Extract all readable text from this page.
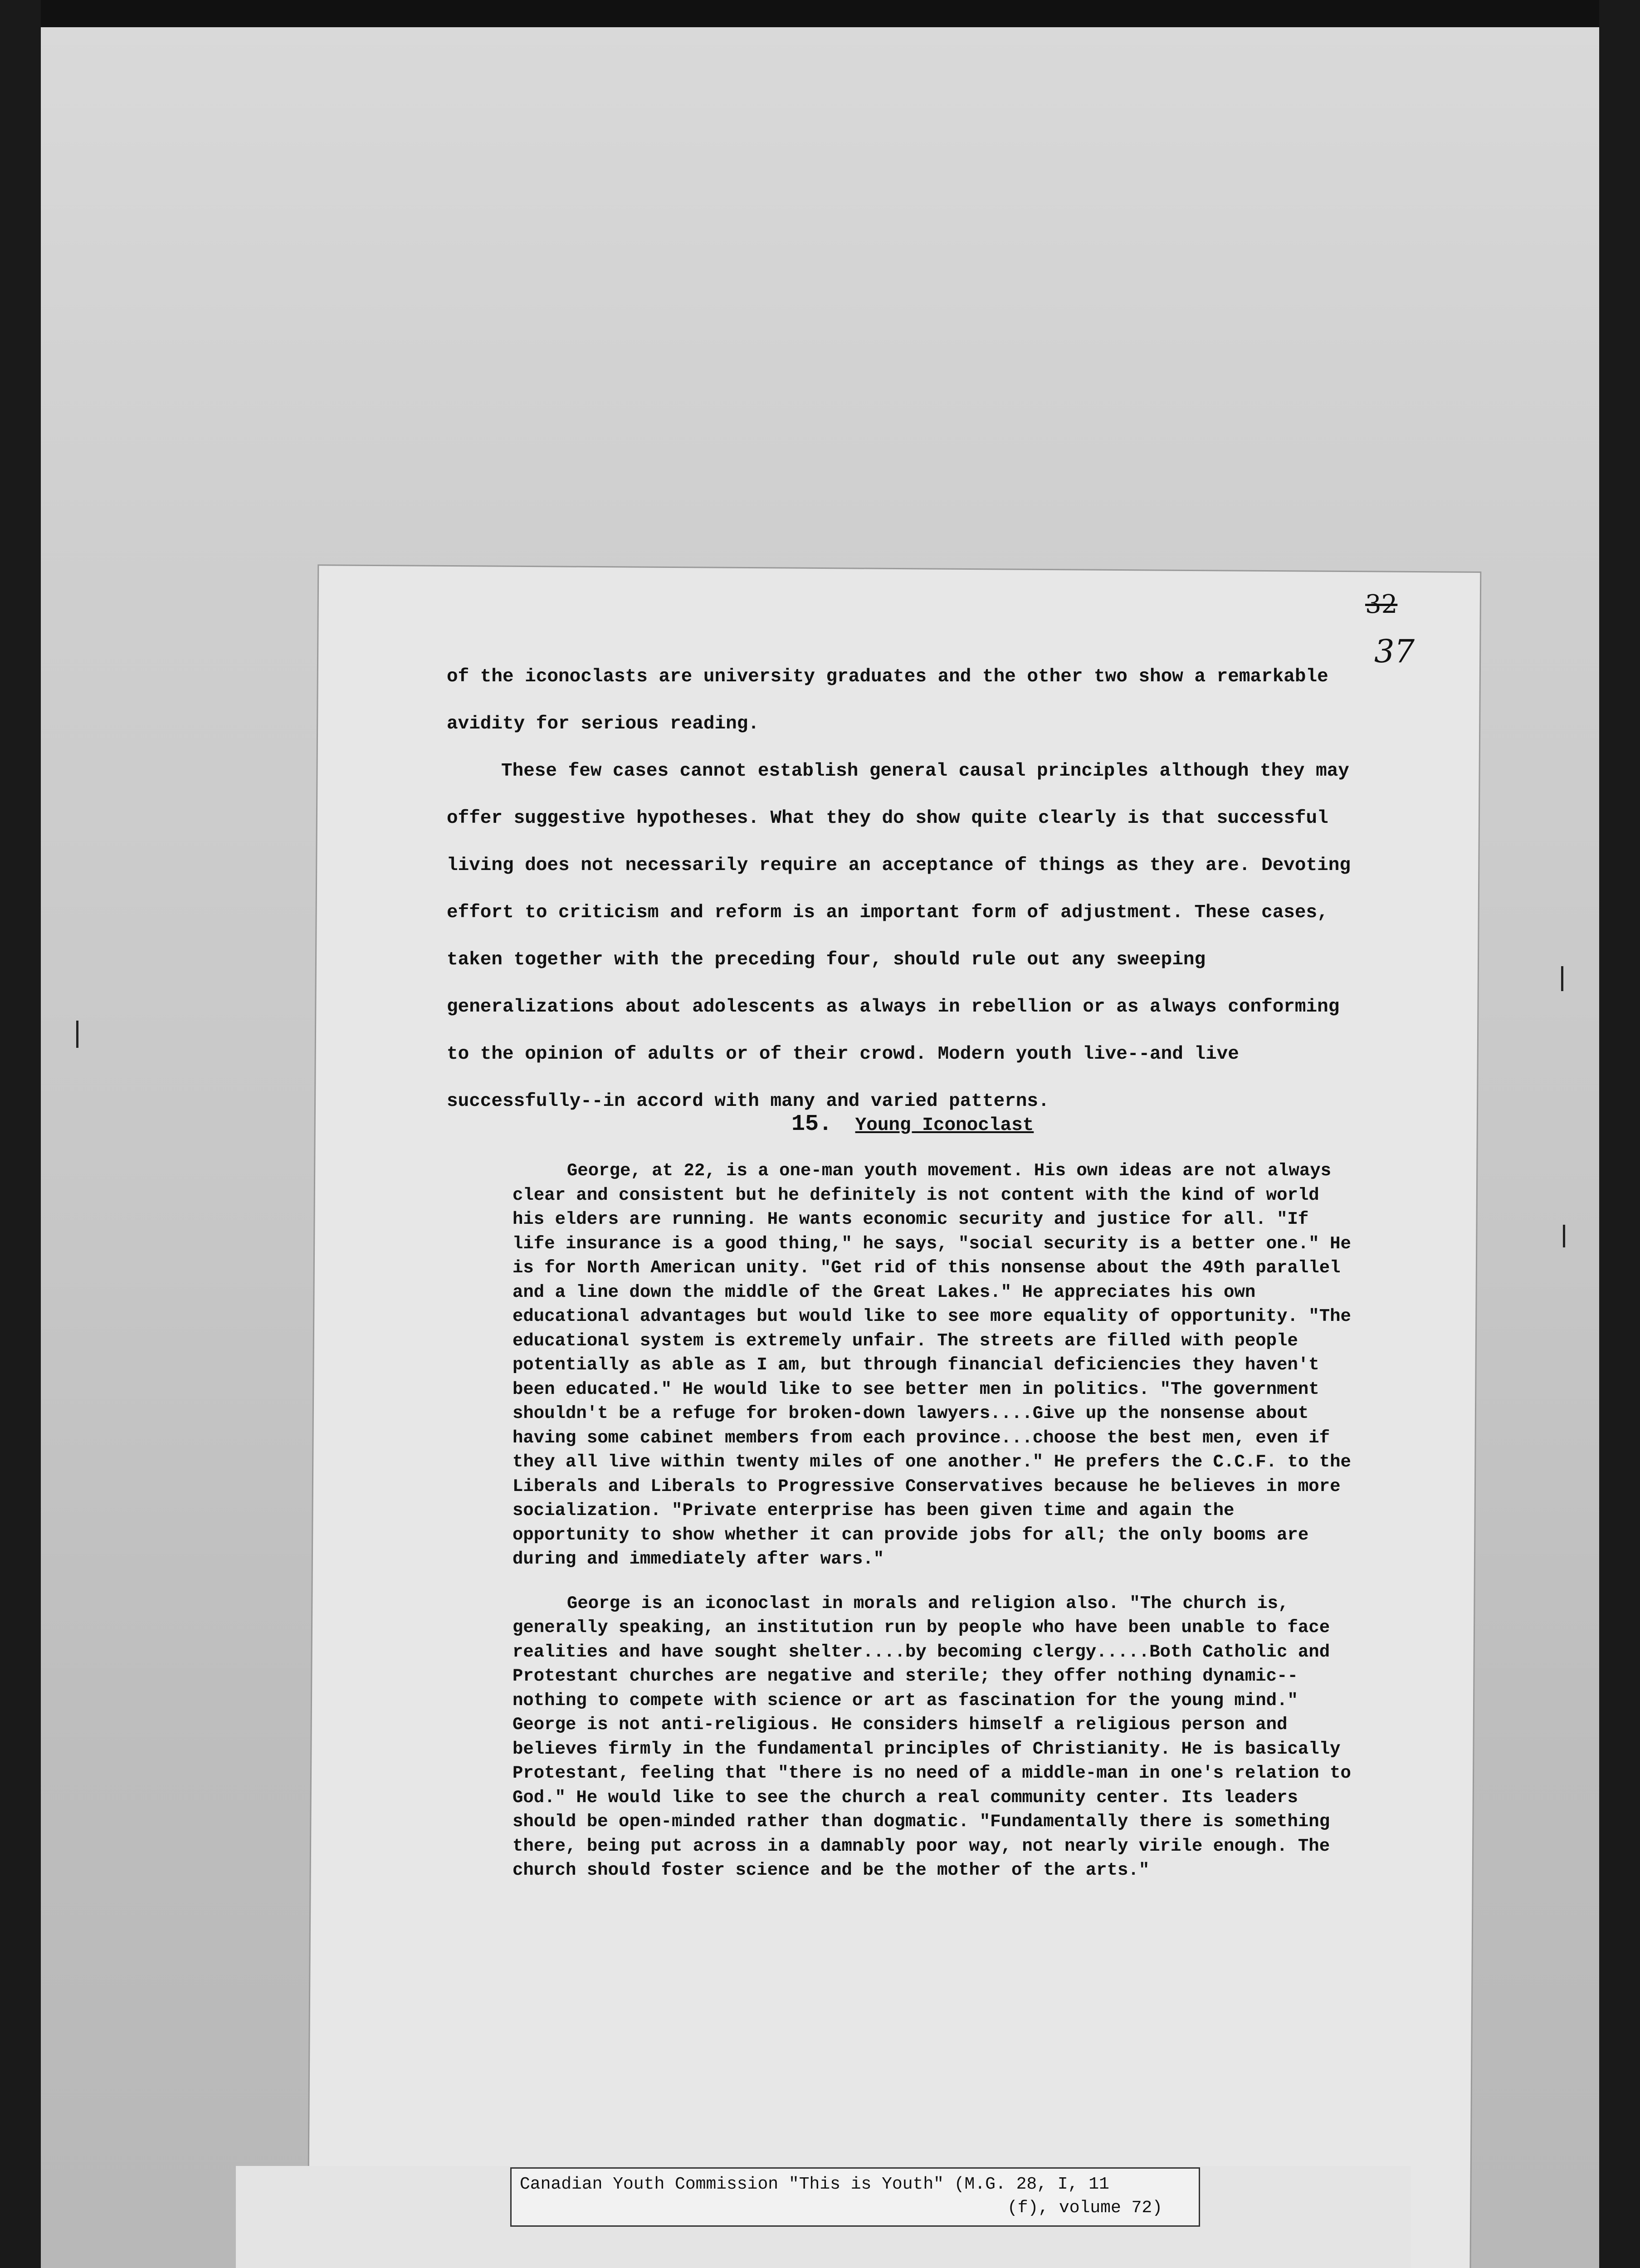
32
37

of the iconoclasts are university graduates and the other two show a remarkable avidity for serious reading.

These few cases cannot establish general causal principles although they may offer suggestive hypotheses. What they do show quite clearly is that successful living does not necessarily require an acceptance of things as they are. Devoting effort to criticism and reform is an important form of adjustment. These cases, taken together with the preceding four, should rule out any sweeping generalizations about adolescents as always in rebellion or as always conforming to the opinion of adults or of their crowd. Modern youth live--and live successfully--in accord with many and varied patterns.

15. Young Iconoclast

George, at 22, is a one-man youth movement. His own ideas are not always clear and consistent but he definitely is not content with the kind of world his elders are running. He wants economic security and justice for all. "If life insurance is a good thing," he says, "social security is a better one." He is for North American unity. "Get rid of this nonsense about the 49th parallel and a line down the middle of the Great Lakes." He appreciates his own educational advantages but would like to see more equality of opportunity. "The educational system is extremely unfair. The streets are filled with people potentially as able as I am, but through financial deficiencies they haven't been educated." He would like to see better men in politics. "The government shouldn't be a refuge for broken-down lawyers....Give up the nonsense about having some cabinet members from each province...choose the best men, even if they all live within twenty miles of one another." He prefers the C.C.F. to the Liberals and Liberals to Progressive Conservatives because he believes in more socialization. "Private enterprise has been given time and again the opportunity to show whether it can provide jobs for all; the only booms are during and immediately after wars."

George is an iconoclast in morals and religion also. "The church is, generally speaking, an institution run by people who have been unable to face realities and have sought shelter....by becoming clergy.....Both Catholic and Protestant churches are negative and sterile; they offer nothing dynamic--nothing to compete with science or art as fascination for the young mind." George is not anti-religious. He considers himself a religious person and believes firmly in the fundamental principles of Christianity. He is basically Protestant, feeling that "there is no need of a middle-man in one's relation to God." He would like to see the church a real community center. Its leaders should be open-minded rather than dogmatic. "Fundamentally there is something there, being put across in a damnably poor way, not nearly virile enough. The church should foster science and be the mother of the arts."

Canadian Youth Commission "This is Youth" (M.G. 28, I, 11
(f), volume 72)
